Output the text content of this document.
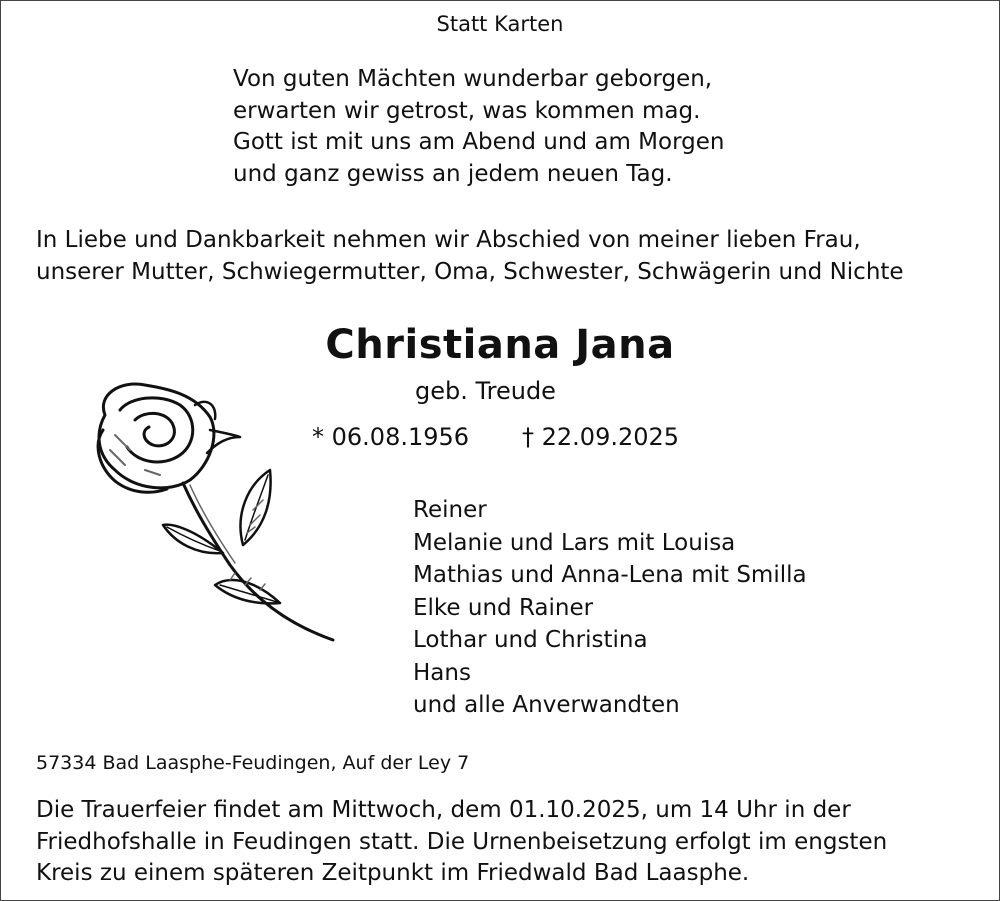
Statt Karten
Von guten Mächten wunderbar geborgen,
erwarten wir getrost, was kommen mag.
Gott ist mit uns am Abend und am Morgen
und ganz gewiss an jedem neuen Tag.
In Liebe und Dankbarkeit nehmen wir Abschied von meiner lieben Frau,
unserer Mutter, Schwiegermutter, Oma, Schwester, Schwägerin und Nichte
Christiana Jana
geb. Treude
* 06.08.1956 † 22.09.2025
Reiner
Melanie und Lars mit Louisa
Mathias und Anna-Lena mit Smilla
Elke und Rainer
Lothar und Christina
Hans
und alle Anverwandten
57334 Bad Laasphe-Feudingen, Auf der Ley 7
Die Trauerfeier findet am Mittwoch, dem 01.10.2025, um 14 Uhr in der
Friedhofshalle in Feudingen statt. Die Urnenbeisetzung erfolgt im engsten
Kreis zu einem späteren Zeitpunkt im Friedwald Bad Laasphe.
